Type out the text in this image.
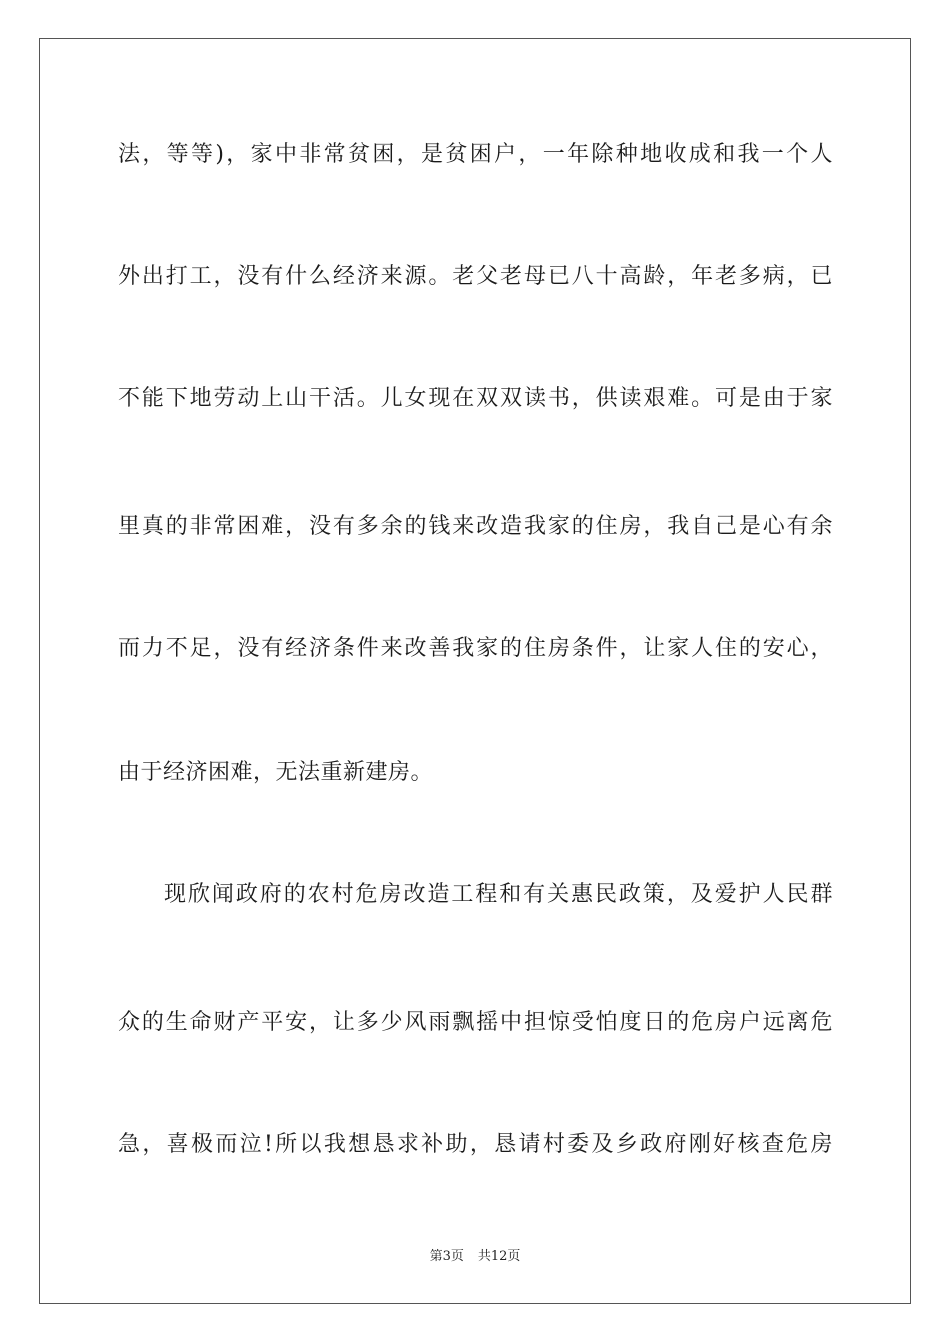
法，等等)，家中非常贫困，是贫困户，一年除种地收成和我一个人
外出打工，没有什么经济来源。老父老母已八十高龄，年老多病，已
不能下地劳动上山干活。儿女现在双双读书，供读艰难。可是由于家
里真的非常困难，没有多余的钱来改造我家的住房，我自己是心有余
而力不足，没有经济条件来改善我家的住房条件，让家人住的安心，
由于经济困难，无法重新建房。
现欣闻政府的农村危房改造工程和有关惠民政策，及爱护人民群
众的生命财产平安，让多少风雨飘摇中担惊受怕度日的危房户远离危
急，喜极而泣!所以我想恳求补助，恳请村委及乡政府刚好核查危房
第3页 共12页
